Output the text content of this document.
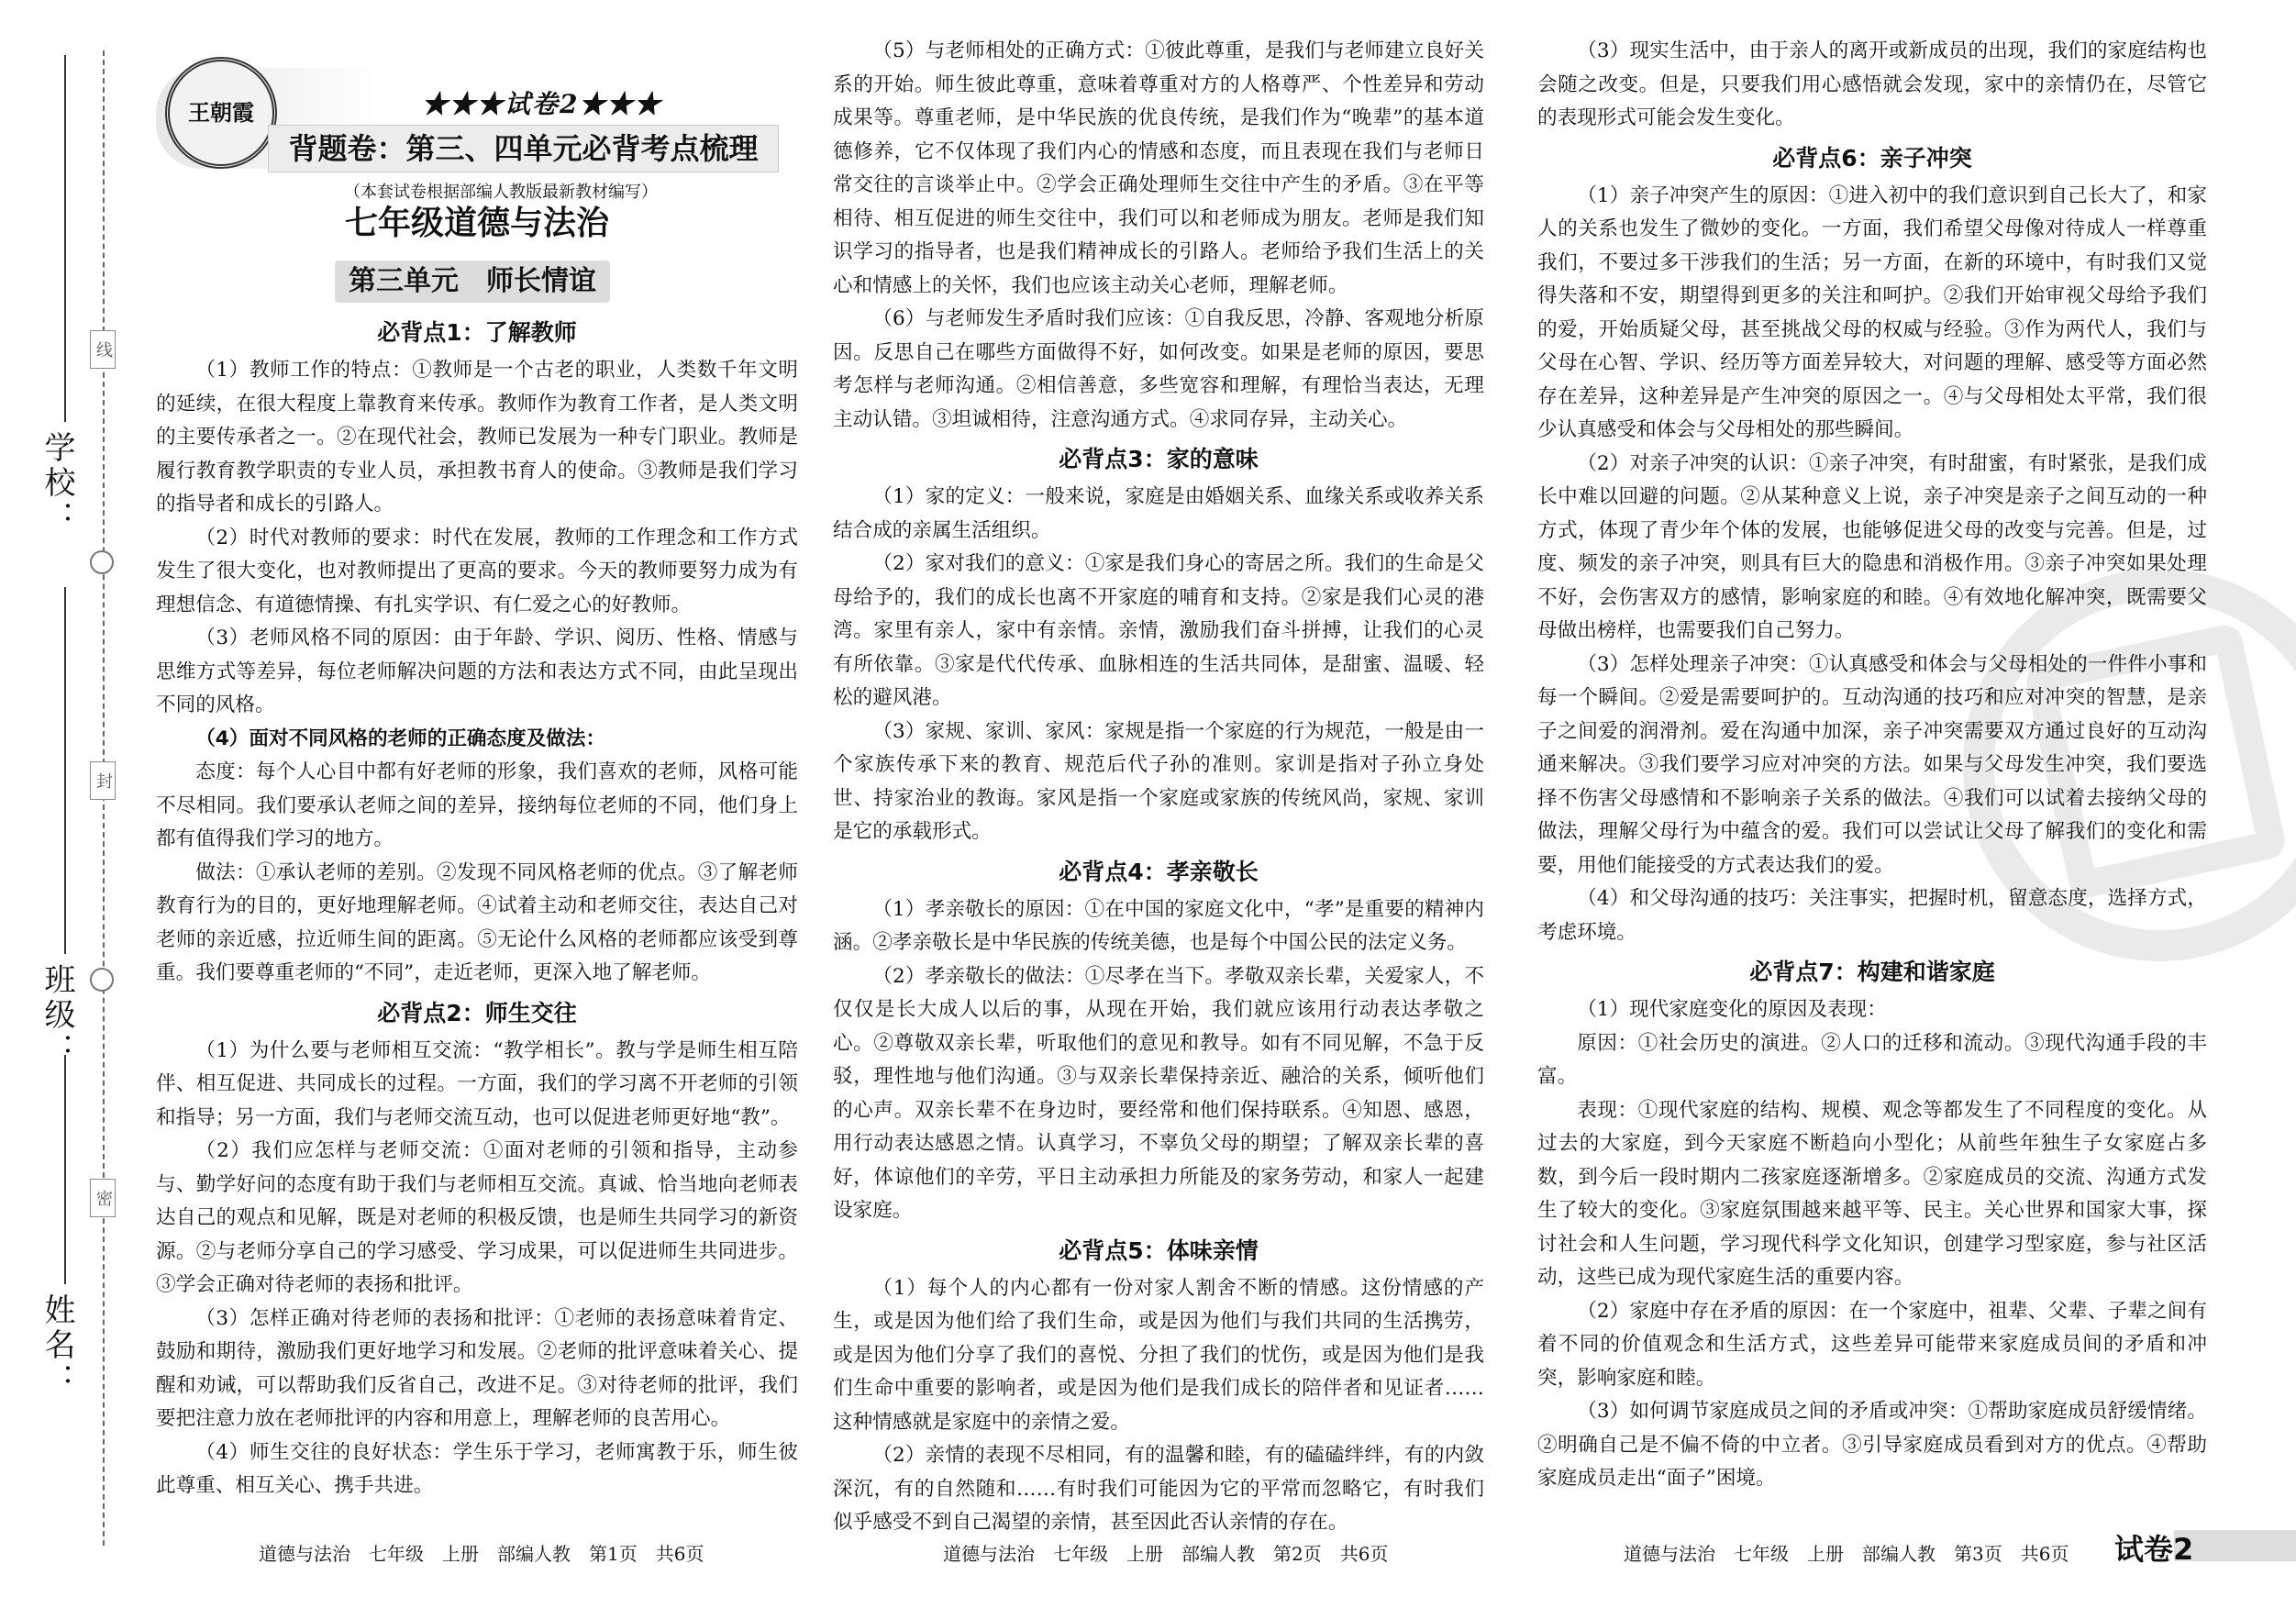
学校：
班级：
姓名：
线
封
密
王朝霞	★★★试卷2★★★
背题卷：第三、四单元必背考点梳理
（本套试卷根据部编人教版最新教材编写）
七年级道德与法治
第三单元　师长情谊
必背点1：了解教师

（1）教师工作的特点：①教师是一个古老的职业，人类数千年文明的延续，在很大程度上靠教育来传承。教师作为教育工作者，是人类文明的主要传承者之一。②在现代社会，教师已发展为一种专门职业。教师是履行教育教学职责的专业人员，承担教书育人的使命。③教师是我们学习的指导者和成长的引路人。

（2）时代对教师的要求：时代在发展，教师的工作理念和工作方式发生了很大变化，也对教师提出了更高的要求。今天的教师要努力成为有理想信念、有道德情操、有扎实学识、有仁爱之心的好教师。

（3）老师风格不同的原因：由于年龄、学识、阅历、性格、情感与思维方式等差异，每位老师解决问题的方法和表达方式不同，由此呈现出不同的风格。

（4）面对不同风格的老师的正确态度及做法：

态度：每个人心目中都有好老师的形象，我们喜欢的老师，风格可能不尽相同。我们要承认老师之间的差异，接纳每位老师的不同，他们身上都有值得我们学习的地方。

做法：①承认老师的差别。②发现不同风格老师的优点。③了解老师教育行为的目的，更好地理解老师。④试着主动和老师交往，表达自己对老师的亲近感，拉近师生间的距离。⑤无论什么风格的老师都应该受到尊重。我们要尊重老师的“不同”，走近老师，更深入地了解老师。

必背点2：师生交往

（1）为什么要与老师相互交流：“教学相长”。教与学是师生相互陪伴、相互促进、共同成长的过程。一方面，我们的学习离不开老师的引领和指导；另一方面，我们与老师交流互动，也可以促进老师更好地“教”。

（2）我们应怎样与老师交流：①面对老师的引领和指导，主动参与、勤学好问的态度有助于我们与老师相互交流。真诚、恰当地向老师表达自己的观点和见解，既是对老师的积极反馈，也是师生共同学习的新资源。②与老师分享自己的学习感受、学习成果，可以促进师生共同进步。③学会正确对待老师的表扬和批评。

（3）怎样正确对待老师的表扬和批评：①老师的表扬意味着肯定、鼓励和期待，激励我们更好地学习和发展。②老师的批评意味着关心、提醒和劝诫，可以帮助我们反省自己，改进不足。③对待老师的批评，我们要把注意力放在老师批评的内容和用意上，理解老师的良苦用心。

（4）师生交往的良好状态：学生乐于学习，老师寓教于乐，师生彼此尊重、相互关心、携手共进。

（5）与老师相处的正确方式：①彼此尊重，是我们与老师建立良好关系的开始。师生彼此尊重，意味着尊重对方的人格尊严、个性差异和劳动成果等。尊重老师，是中华民族的优良传统，是我们作为“晚辈”的基本道德修养，它不仅体现了我们内心的情感和态度，而且表现在我们与老师日常交往的言谈举止中。②学会正确处理师生交往中产生的矛盾。③在平等相待、相互促进的师生交往中，我们可以和老师成为朋友。老师是我们知识学习的指导者，也是我们精神成长的引路人。老师给予我们生活上的关心和情感上的关怀，我们也应该主动关心老师，理解老师。

（6）与老师发生矛盾时我们应该：①自我反思，冷静、客观地分析原因。反思自己在哪些方面做得不好，如何改变。如果是老师的原因，要思考怎样与老师沟通。②相信善意，多些宽容和理解，有理恰当表达，无理主动认错。③坦诚相待，注意沟通方式。④求同存异，主动关心。

必背点3：家的意味

（1）家的定义：一般来说，家庭是由婚姻关系、血缘关系或收养关系结合成的亲属生活组织。

（2）家对我们的意义：①家是我们身心的寄居之所。我们的生命是父母给予的，我们的成长也离不开家庭的哺育和支持。②家是我们心灵的港湾。家里有亲人，家中有亲情。亲情，激励我们奋斗拼搏，让我们的心灵有所依靠。③家是代代传承、血脉相连的生活共同体，是甜蜜、温暖、轻松的避风港。

（3）家规、家训、家风：家规是指一个家庭的行为规范，一般是由一个家族传承下来的教育、规范后代子孙的准则。家训是指对子孙立身处世、持家治业的教诲。家风是指一个家庭或家族的传统风尚，家规、家训是它的承载形式。

必背点4：孝亲敬长

（1）孝亲敬长的原因：①在中国的家庭文化中，“孝”是重要的精神内涵。②孝亲敬长是中华民族的传统美德，也是每个中国公民的法定义务。

（2）孝亲敬长的做法：①尽孝在当下。孝敬双亲长辈，关爱家人，不仅仅是长大成人以后的事，从现在开始，我们就应该用行动表达孝敬之心。②尊敬双亲长辈，听取他们的意见和教导。如有不同见解，不急于反驳，理性地与他们沟通。③与双亲长辈保持亲近、融洽的关系，倾听他们的心声。双亲长辈不在身边时，要经常和他们保持联系。④知恩、感恩，用行动表达感恩之情。认真学习，不辜负父母的期望；了解双亲长辈的喜好，体谅他们的辛劳，平日主动承担力所能及的家务劳动，和家人一起建设家庭。

必背点5：体味亲情

（1）每个人的内心都有一份对家人割舍不断的情感。这份情感的产生，或是因为他们给了我们生命，或是因为他们与我们共同的生活携劳，或是因为他们分享了我们的喜悦、分担了我们的忧伤，或是因为他们是我们生命中重要的影响者，或是因为他们是我们成长的陪伴者和见证者……这种情感就是家庭中的亲情之爱。

（2）亲情的表现不尽相同，有的温馨和睦，有的磕磕绊绊，有的内敛深沉，有的自然随和……有时我们可能因为它的平常而忽略它，有时我们似乎感受不到自己渴望的亲情，甚至因此否认亲情的存在。

（3）现实生活中，由于亲人的离开或新成员的出现，我们的家庭结构也会随之改变。但是，只要我们用心感悟就会发现，家中的亲情仍在，尽管它的表现形式可能会发生变化。

必背点6：亲子冲突

（1）亲子冲突产生的原因：①进入初中的我们意识到自己长大了，和家人的关系也发生了微妙的变化。一方面，我们希望父母像对待成人一样尊重我们，不要过多干涉我们的生活；另一方面，在新的环境中，有时我们又觉得失落和不安，期望得到更多的关注和呵护。②我们开始审视父母给予我们的爱，开始质疑父母，甚至挑战父母的权威与经验。③作为两代人，我们与父母在心智、学识、经历等方面差异较大，对问题的理解、感受等方面必然存在差异，这种差异是产生冲突的原因之一。④与父母相处太平常，我们很少认真感受和体会与父母相处的那些瞬间。

（2）对亲子冲突的认识：①亲子冲突，有时甜蜜，有时紧张，是我们成长中难以回避的问题。②从某种意义上说，亲子冲突是亲子之间互动的一种方式，体现了青少年个体的发展，也能够促进父母的改变与完善。但是，过度、频发的亲子冲突，则具有巨大的隐患和消极作用。③亲子冲突如果处理不好，会伤害双方的感情，影响家庭的和睦。④有效地化解冲突，既需要父母做出榜样，也需要我们自己努力。

（3）怎样处理亲子冲突：①认真感受和体会与父母相处的一件件小事和每一个瞬间。②爱是需要呵护的。互动沟通的技巧和应对冲突的智慧，是亲子之间爱的润滑剂。爱在沟通中加深，亲子冲突需要双方通过良好的互动沟通来解决。③我们要学习应对冲突的方法。如果与父母发生冲突，我们要选择不伤害父母感情和不影响亲子关系的做法。④我们可以试着去接纳父母的做法，理解父母行为中蕴含的爱。我们可以尝试让父母了解我们的变化和需要，用他们能接受的方式表达我们的爱。

（4）和父母沟通的技巧：关注事实，把握时机，留意态度，选择方式，考虑环境。

必背点7：构建和谐家庭

（1）现代家庭变化的原因及表现：

原因：①社会历史的演进。②人口的迁移和流动。③现代沟通手段的丰富。

表现：①现代家庭的结构、规模、观念等都发生了不同程度的变化。从过去的大家庭，到今天家庭不断趋向小型化；从前些年独生子女家庭占多数，到今后一段时期内二孩家庭逐渐增多。②家庭成员的交流、沟通方式发生了较大的变化。③家庭氛围越来越平等、民主。关心世界和国家大事，探讨社会和人生问题，学习现代科学文化知识，创建学习型家庭，参与社区活动，这些已成为现代家庭生活的重要内容。

（2）家庭中存在矛盾的原因：在一个家庭中，祖辈、父辈、子辈之间有着不同的价值观念和生活方式，这些差异可能带来家庭成员间的矛盾和冲突，影响家庭和睦。

（3）如何调节家庭成员之间的矛盾或冲突：①帮助家庭成员舒缓情绪。②明确自己是不偏不倚的中立者。③引导家庭成员看到对方的优点。④帮助家庭成员走出“面子”困境。

道德与法治　七年级　上册　部编人教　第1页　共6页	道德与法治　七年级　上册　部编人教　第2页　共6页	道德与法治　七年级　上册　部编人教　第3页　共6页 试卷2
